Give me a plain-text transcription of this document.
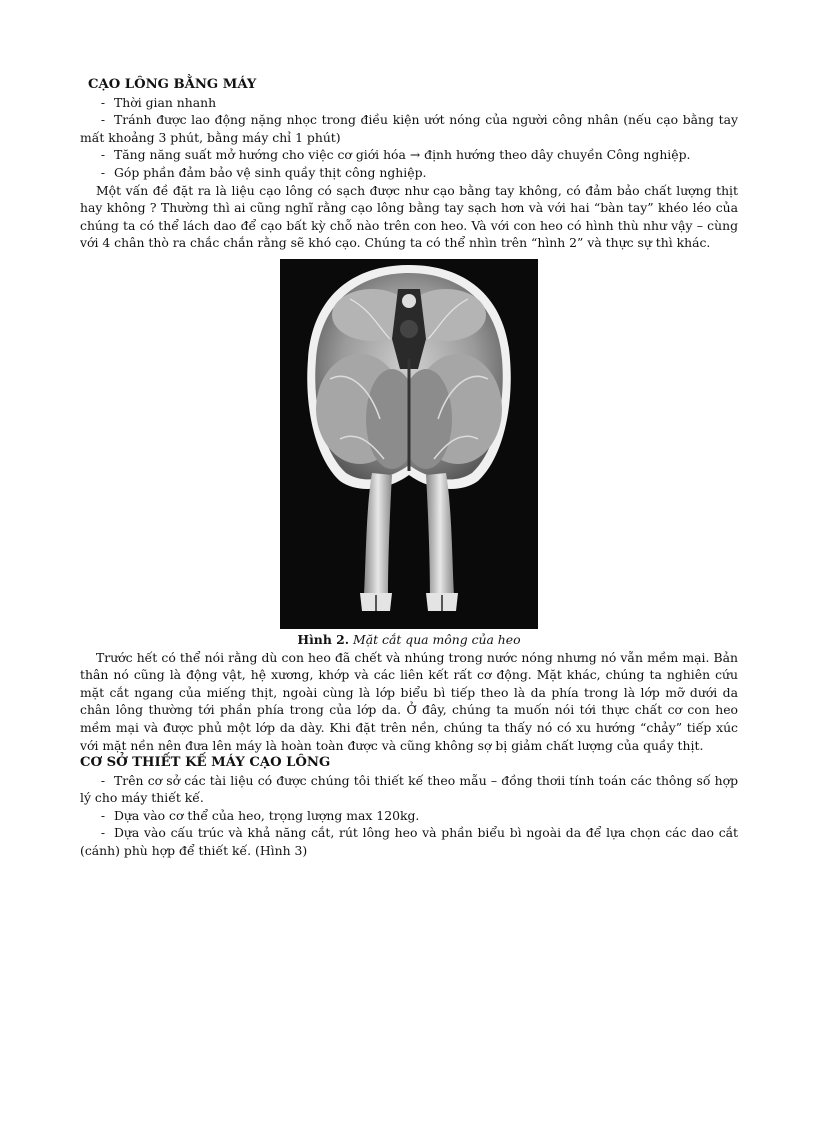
CẠO LÔNG BẰNG MÁY

- Thời gian nhanh

- Tránh được lao động nặng nhọc trong điều kiện ướt nóng của người công nhân (nếu cạo bằng tay mất khoảng 3 phút, bằng máy chỉ 1 phút)

- Tăng năng suất mở hướng cho việc cơ giới hóa → định hướng theo dây chuyền Công nghiệp.

- Góp phần đảm bảo vệ sinh quầy thịt công nghiệp.

Một vấn đề đặt ra là liệu cạo lông có sạch được như cạo bằng tay không, có đảm bảo chất lượng thịt hay không ? Thường thì ai cũng nghĩ rằng cạo lông bằng tay sạch hơn và với hai “bàn tay” khéo léo của chúng ta có thể lách dao để cạo bất kỳ chỗ nào trên con heo. Và với con heo có hình thù như vậy – cùng với 4 chân thò ra chắc chắn rằng sẽ khó cạo. Chúng ta có thể nhìn trên “hình 2” và thực sự thì khác.

Hình 2. Mặt cắt qua mông của heo

Trước hết có thể nói rằng dù con heo đã chết và nhúng trong nước nóng nhưng nó vẫn mềm mại. Bản thân nó cũng là động vật, hệ xương, khớp và các liên kết rất cơ động. Mặt khác, chúng ta nghiên cứu mặt cắt ngang của miếng thịt, ngoài cùng là lớp biểu bì tiếp theo là da phía trong là lớp mỡ dưới da chân lông thường tới phần phía trong của lớp da. Ở đây, chúng ta muốn nói tới thực chất cơ con heo mềm mại và được phủ một lớp da dày. Khi đặt trên nền, chúng ta thấy nó có xu hướng “chảy” tiếp xúc với mặt nền nên đưa lên máy là hoàn toàn được và cũng không sợ bị giảm chất lượng của quầy thịt.

CƠ SỞ THIẾT KẾ MÁY CẠO LÔNG

- Trên cơ sở các tài liệu có được chúng tôi thiết kế theo mẫu – đồng thơii tính toán các thông số hợp lý cho máy thiết kế.

- Dựa vào cơ thể của heo, trọng lượng max 120kg.

- Dựa vào cấu trúc và khả năng cắt, rút lông heo và phần biểu bì ngoài da để lựa chọn các dao cắt (cánh) phù hợp để thiết kế. (Hình 3)
